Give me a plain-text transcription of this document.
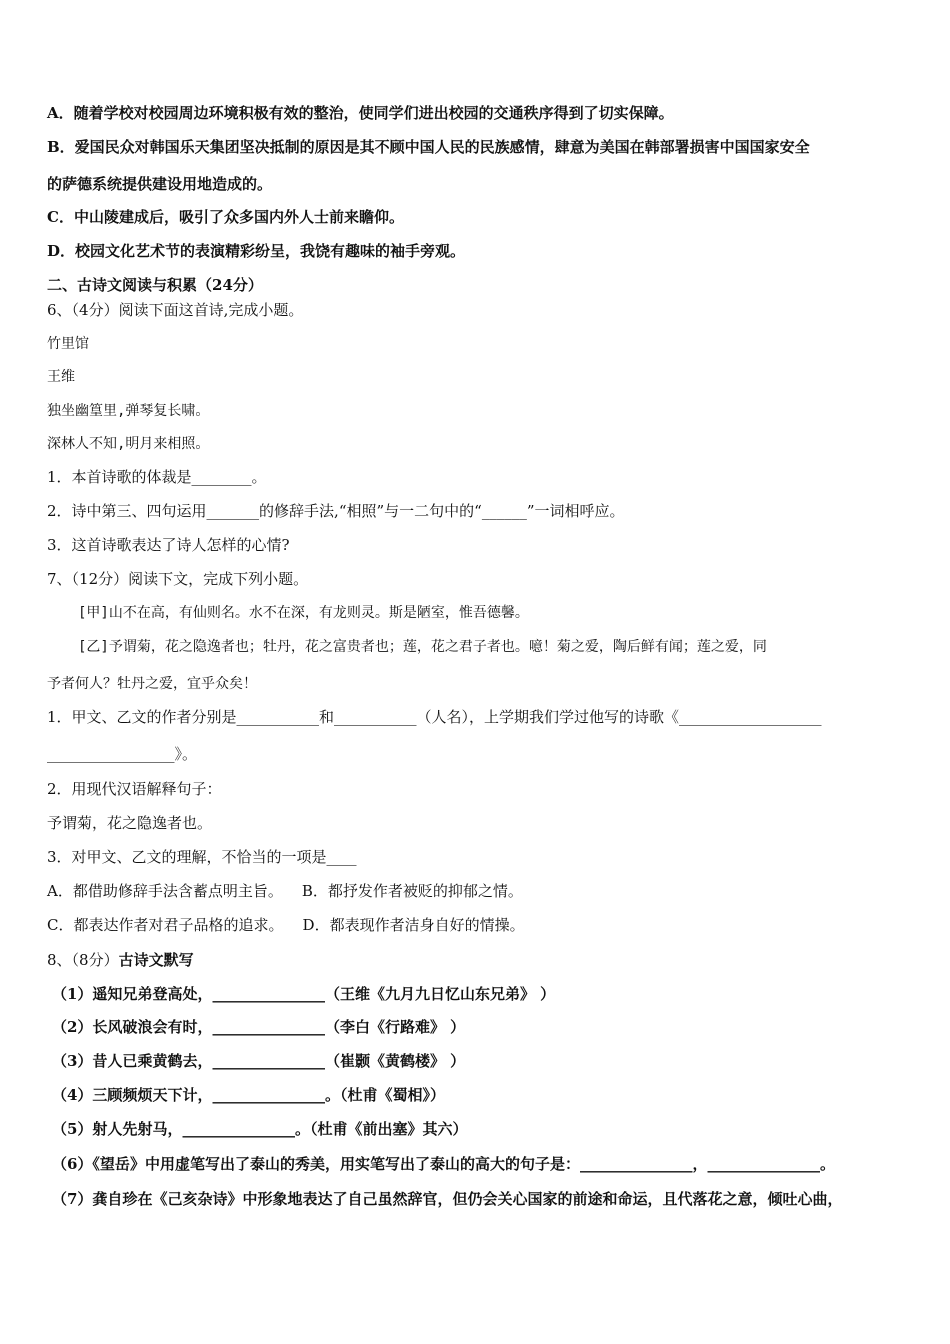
A．随着学校对校园周边环境积极有效的整治，使同学们进出校园的交通秩序得到了切实保障。
B．爱国民众对韩国乐天集团坚决抵制的原因是其不顾中国人民的民族感情，肆意为美国在韩部署损害中国国家安全
的萨德系统提供建设用地造成的。
C．中山陵建成后，吸引了众多国内外人士前来瞻仰。
D．校园文化艺术节的表演精彩纷呈，我饶有趣味的袖手旁观。
二、古诗文阅读与积累（24分）
6、（4分）阅读下面这首诗,完成小题。
竹里馆
王维
独坐幽篁里,弹琴复长啸。
深林人不知,明月来相照。
1．本首诗歌的体裁是________。
2．诗中第三、四句运用_______的修辞手法,“相照”与一二句中的“______”一词相呼应。
3．这首诗歌表达了诗人怎样的心情?
7、（12分）阅读下文，完成下列小题。
[甲]山不在高，有仙则名。水不在深，有龙则灵。斯是陋室，惟吾德馨。
[乙]予谓菊，花之隐逸者也；牡丹，花之富贵者也；莲，花之君子者也。噫！菊之爱，陶后鲜有闻；莲之爱，同
予者何人？牡丹之爱，宜乎众矣！
1．甲文、乙文的作者分别是___________和___________（人名），上学期我们学过他写的诗歌《___________________
_________________》。
2．用现代汉语解释句子：
予谓菊，花之隐逸者也。
3．对甲文、乙文的理解，不恰当的一项是____
A．都借助修辞手法含蓄点明主旨。    B．都抒发作者被贬的抑郁之情。
C．都表达作者对君子品格的追求。    D．都表现作者洁身自好的情操。
8、（8分）古诗文默写
（1）遥知兄弟登高处，_______________（王维《九月九日忆山东兄弟》 ）
（2）长风破浪会有时，_______________（李白《行路难》 ）
（3）昔人已乘黄鹤去，_______________（崔颢《黄鹤楼》 ）
（4）三顾频烦天下计，_______________。（杜甫《蜀相》）
（5）射人先射马，_______________。（杜甫《前出塞》其六）
（6）《望岳》中用虚笔写出了泰山的秀美，用实笔写出了泰山的高大的句子是：_______________，_______________。
（7）龚自珍在《己亥杂诗》中形象地表达了自己虽然辞官，但仍会关心国家的前途和命运，且代落花之意，倾吐心曲，
